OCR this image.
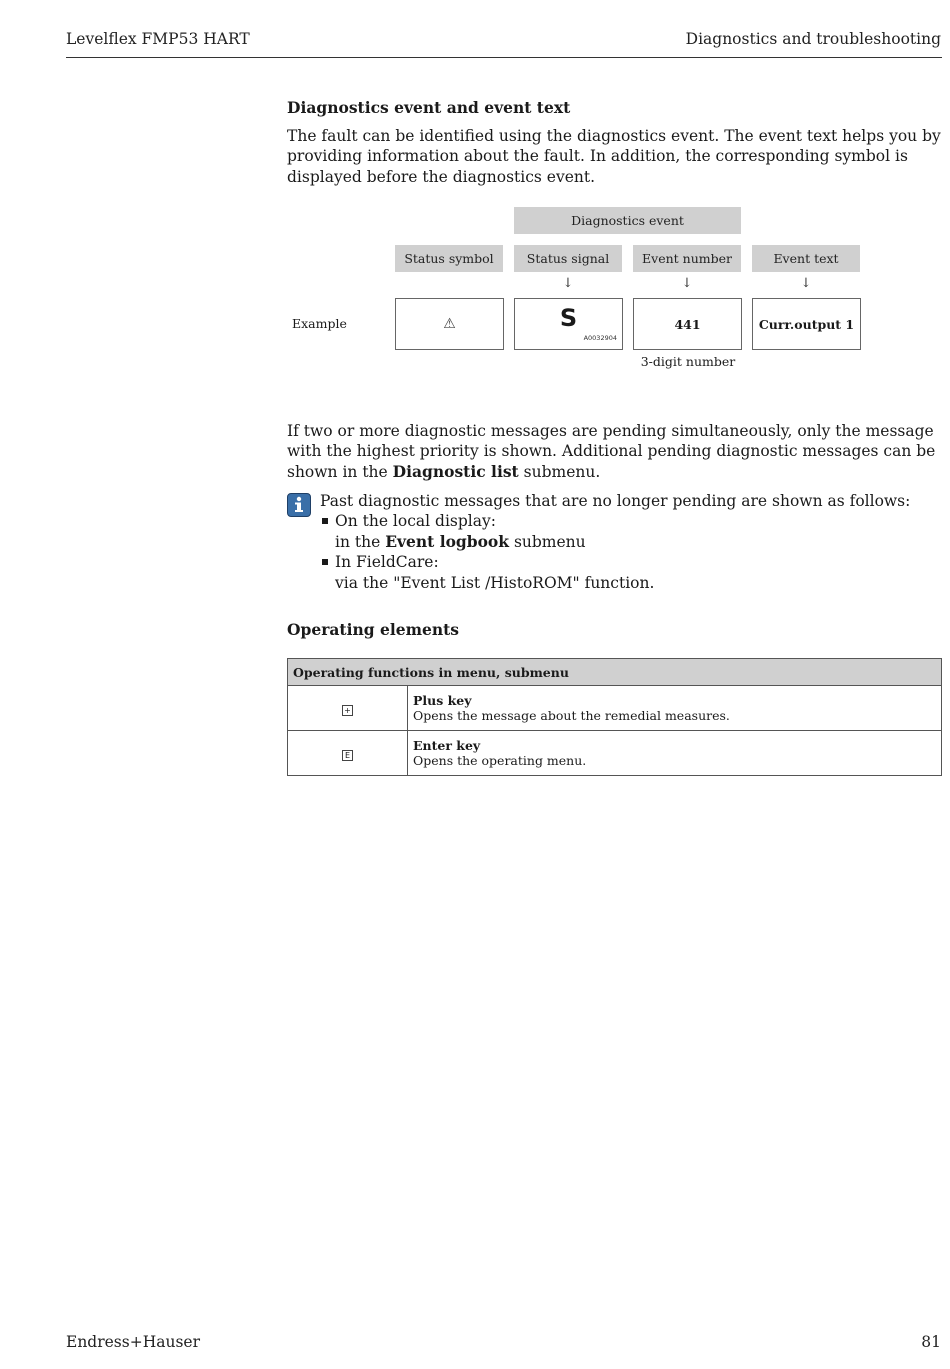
Levelflex FMP53 HART	Diagnostics and troubleshooting
Diagnostics event and event text

The fault can be identified using the diagnostics event. The event text helps you by providing information about the fault. In addition, the corresponding symbol is displayed before the diagnostics event.

Diagnostics event
Status symbol	Status signal	Event number	Event text
↓	↓	↓
Example	⚠	S
A0032904
441	Curr.output 1
3-digit number

If two or more diagnostic messages are pending simultaneously, only the message with the highest priority is shown. Additional pending diagnostic messages can be shown in the Diagnostic list submenu.

Past diagnostic messages that are no longer pending are shown as follows:
On the local display:
in the Event logbook submenu
In FieldCare:
via the "Event List /HistoROM" function.
Operating elements
Operating functions in menu, submenu	
+	Plus key
Opens the message about the remedial measures.

E	Enter key
Opens the operating menu.
Endress+Hauser	81
